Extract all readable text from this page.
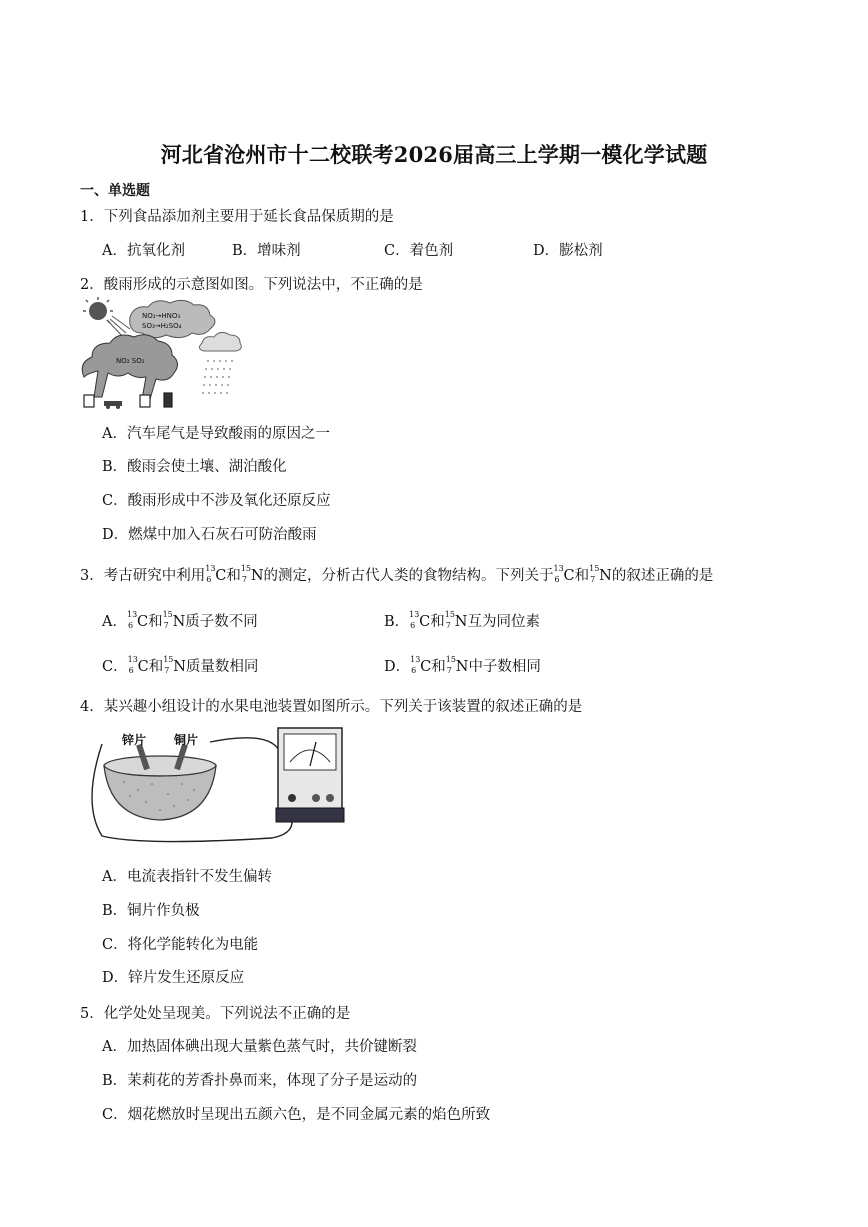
河北省沧州市十二校联考2026届高三上学期一模化学试题
一、单选题
1．下列食品添加剂主要用于延长食品保质期的是
A．抗氧化剂	B．增味剂	C．着色剂	D．膨松剂
2．酸雨形成的示意图如图。下列说法中，不正确的是
NO₂→HNO₃
SO₃→H₂SO₄
NO₂ SO₂
A．汽车尾气是导致酸雨的原因之一
B．酸雨会使土壤、湖泊酸化
C．酸雨形成中不涉及氧化还原反应
D．燃煤中加入石灰石可防治酸雨
3．考古研究中利用 13
6 C和 15
7 N的测定，分析古代人类的食物结构。下列关于 13
6 C和 15
7 N的叙述正确的是
A． 13
6 C和 15
7 N质子数不同	B． 13
6 C和 15
7 N互为同位素
C． 13
6 C和 15
7 N质量数相同	D． 13
6 C和 15
7 N中子数相同
4．某兴趣小组设计的水果电池装置如图所示。下列关于该装置的叙述正确的是
锌片 铜片
A．电流表指针不发生偏转
B．铜片作负极
C．将化学能转化为电能
D．锌片发生还原反应
5．化学处处呈现美。下列说法不正确的是
A．加热固体碘出现大量紫色蒸气时，共价键断裂
B．茉莉花的芳香扑鼻而来，体现了分子是运动的
C．烟花燃放时呈现出五颜六色，是不同金属元素的焰色所致
